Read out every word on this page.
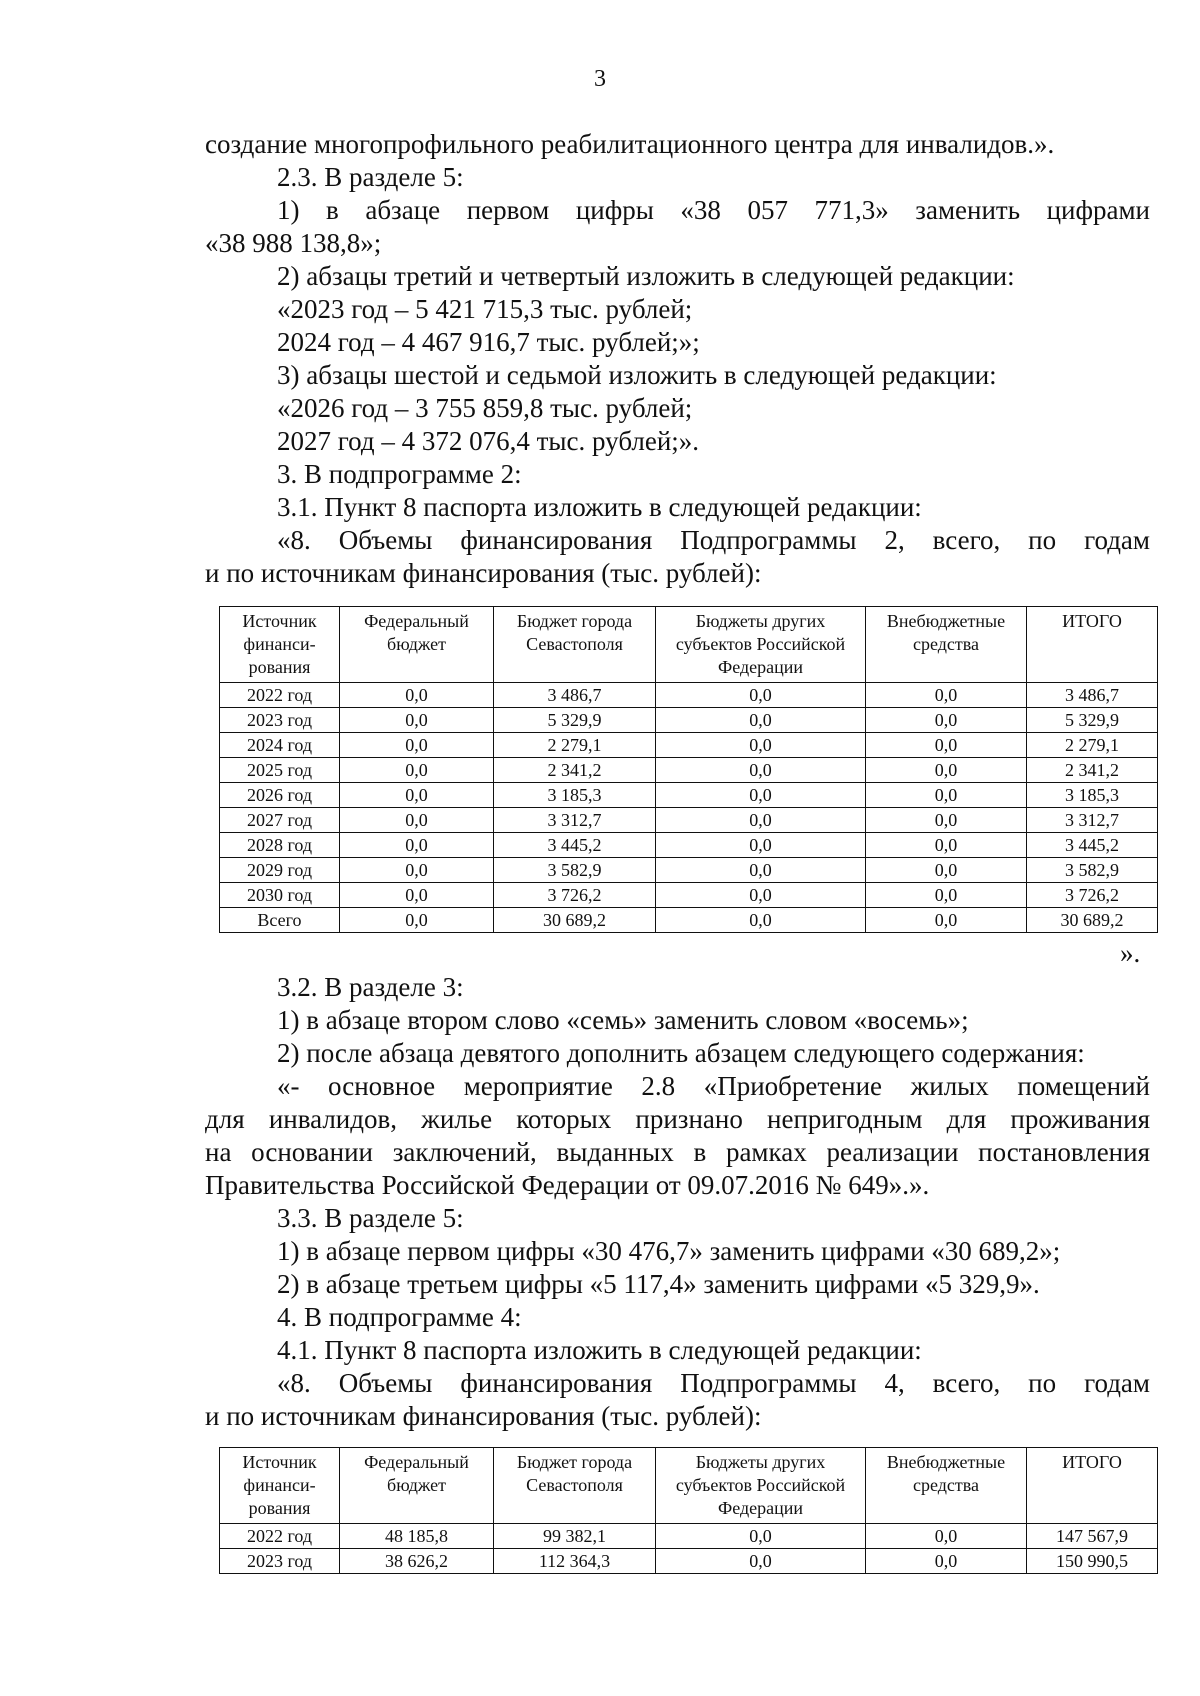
3
создание многопрофильного реабилитационного центра для инвалидов.».
2.3. В разделе 5:
1) в абзаце первом цифры «38 057 771,3» заменить цифрами
«38 988 138,8»;
2) абзацы третий и четвертый изложить в следующей редакции:
«2023 год – 5 421 715,3 тыс. рублей;
2024 год – 4 467 916,7 тыс. рублей;»;
3) абзацы шестой и седьмой изложить в следующей редакции:
«2026 год – 3 755 859,8 тыс. рублей;
2027 год – 4 372 076,4 тыс. рублей;».
3. В подпрограмме 2:
3.1. Пункт 8 паспорта изложить в следующей редакции:
«8. Объемы финансирования Подпрограммы 2, всего, по годам
и по источникам финансирования (тыс. рублей):
Источник финанси-рования	Федеральный бюджет	Бюджет города Севастополя	Бюджеты других субъектов Российской Федерации	Внебюджетные средства	ИТОГО
2022 год	0,0	3 486,7	0,0	0,0	3 486,7
2023 год	0,0	5 329,9	0,0	0,0	5 329,9
2024 год	0,0	2 279,1	0,0	0,0	2 279,1
2025 год	0,0	2 341,2	0,0	0,0	2 341,2
2026 год	0,0	3 185,3	0,0	0,0	3 185,3
2027 год	0,0	3 312,7	0,0	0,0	3 312,7
2028 год	0,0	3 445,2	0,0	0,0	3 445,2
2029 год	0,0	3 582,9	0,0	0,0	3 582,9
2030 год	0,0	3 726,2	0,0	0,0	3 726,2
Всего	0,0	30 689,2	0,0	0,0	30 689,2
».
3.2. В разделе 3:
1) в абзаце втором слово «семь» заменить словом «восемь»;
2) после абзаца девятого дополнить абзацем следующего содержания:
«- основное мероприятие 2.8 «Приобретение жилых помещений
для инвалидов, жилье которых признано непригодным для проживания
на основании заключений, выданных в рамках реализации постановления
Правительства Российской Федерации от 09.07.2016 № 649».».
3.3. В разделе 5:
1) в абзаце первом цифры «30 476,7» заменить цифрами «30 689,2»;
2) в абзаце третьем цифры «5 117,4» заменить цифрами «5 329,9».
4. В подпрограмме 4:
4.1. Пункт 8 паспорта изложить в следующей редакции:
«8. Объемы финансирования Подпрограммы 4, всего, по годам
и по источникам финансирования (тыс. рублей):
Источник финанси-рования	Федеральный бюджет	Бюджет города Севастополя	Бюджеты других субъектов Российской Федерации	Внебюджетные средства	ИТОГО
2022 год	48 185,8	99 382,1	0,0	0,0	147 567,9
2023 год	38 626,2	112 364,3	0,0	0,0	150 990,5
